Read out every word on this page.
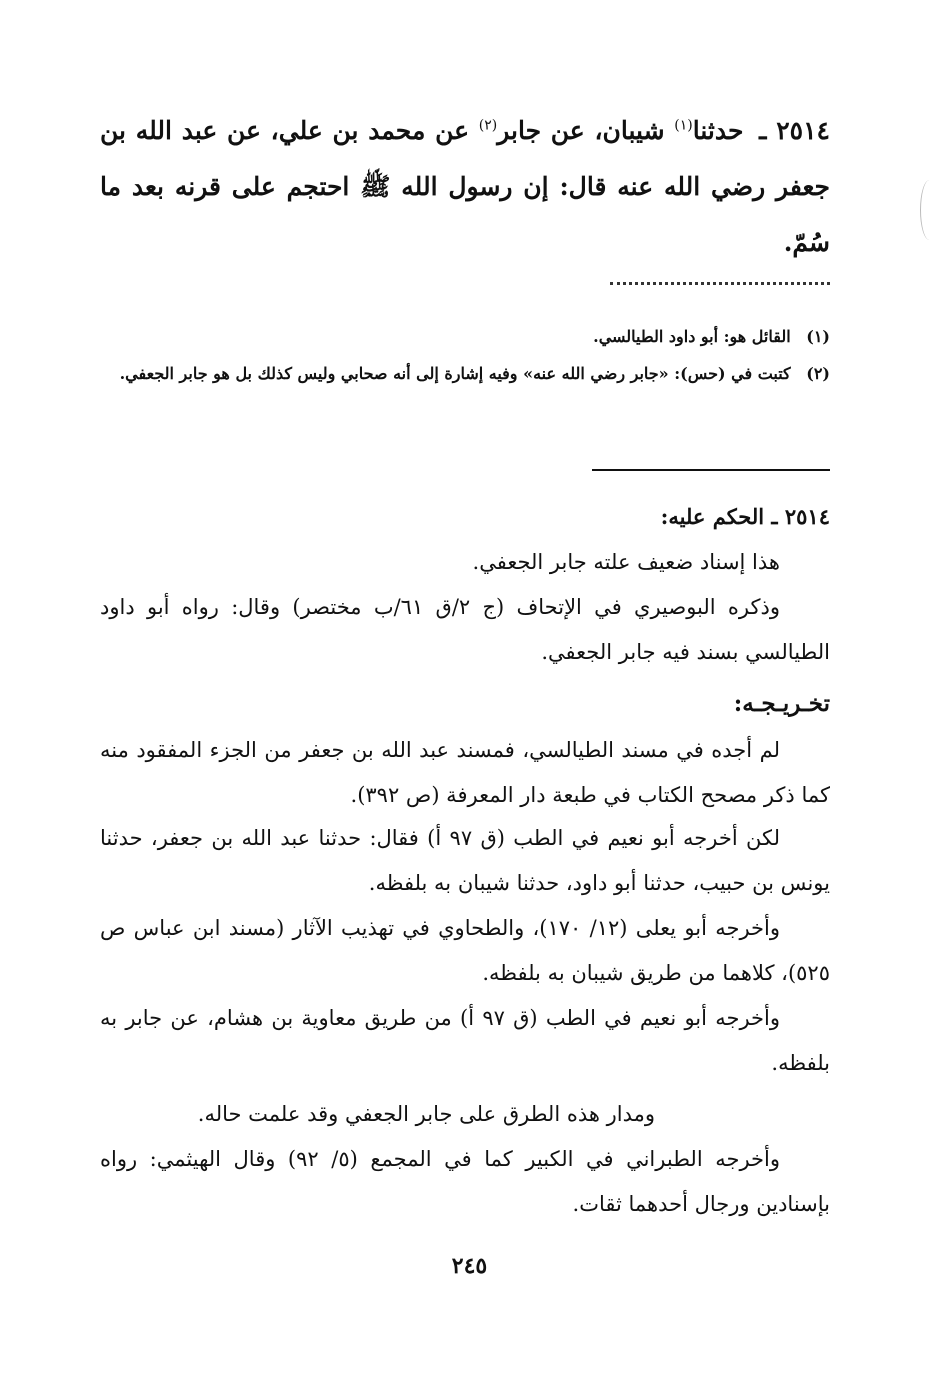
٢٥١٤ ـ حدثنا$^{(١)}$ شيبان، عن جابر$^{(٢)}$ عن محمد بن علي، عن عبد الله بن جعفر رضي الله عنه قال: إن رسول الله ﷺ احتجم على قرنه بعد ما سُمّ.
(١) القائل هو: أبو داود الطيالسي.
(٢) كتبت في (حس): «جابر رضي الله عنه» وفيه إشارة إلى أنه صحابي وليس كذلك بل هو جابر الجعفي.
٢٥١٤ ـ الحكم عليه:
هذا إسناد ضعيف علته جابر الجعفي.
وذكره البوصيري في الإتحاف (ج ٢/ق ٦١/ب مختصر) وقال: رواه أبو داود الطيالسي بسند فيه جابر الجعفي.
تخـريـجـه:
لم أجده في مسند الطيالسي، فمسند عبد الله بن جعفر من الجزء المفقود منه كما ذكر مصحح الكتاب في طبعة دار المعرفة (ص ٣٩٢).
لكن أخرجه أبو نعيم في الطب (ق ٩٧ أ) فقال: حدثنا عبد الله بن جعفر، حدثنا يونس بن حبيب، حدثنا أبو داود، حدثنا شيبان به بلفظه.
وأخرجه أبو يعلى (١٢/ ١٧٠)، والطحاوي في تهذيب الآثار (مسند ابن عباس ص ٥٢٥)، كلاهما من طريق شيبان به بلفظه.
وأخرجه أبو نعيم في الطب (ق ٩٧ أ) من طريق معاوية بن هشام، عن جابر به بلفظه.
ومدار هذه الطرق على جابر الجعفي وقد علمت حاله.
وأخرجه الطبراني في الكبير كما في المجمع (٥/ ٩٢) وقال الهيثمي: رواه بإسنادين ورجال أحدهما ثقات.
٢٤٥
